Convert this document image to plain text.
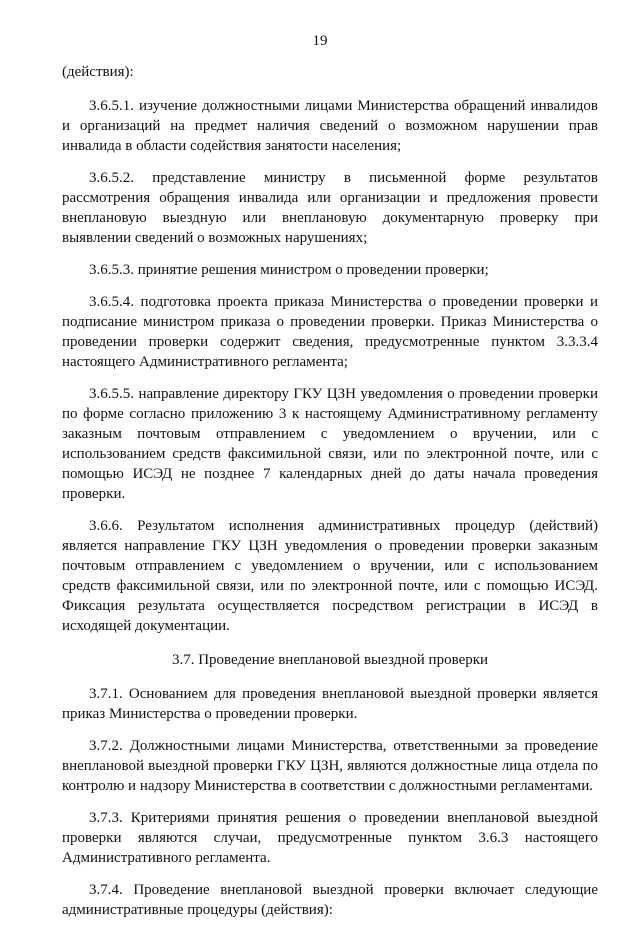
19

(действия):

3.6.5.1. изучение должностными лицами Министерства обращений инвалидов и организаций на предмет наличия сведений о возможном нарушении прав инвалида в области содействия занятости населения;

3.6.5.2. представление министру в письменной форме результатов рассмотрения обращения инвалида или организации и предложения провести внеплановую выездную или внеплановую документарную проверку при выявлении сведений о возможных нарушениях;

3.6.5.3. принятие решения министром о проведении проверки;

3.6.5.4. подготовка проекта приказа Министерства о проведении проверки и подписание министром приказа о проведении проверки. Приказ Министерства о проведении проверки содержит сведения, предусмотренные пунктом 3.3.3.4 настоящего Административного регламента;

3.6.5.5. направление директору ГКУ ЦЗН уведомления о проведении проверки по форме согласно приложению 3 к настоящему Административному регламенту заказным почтовым отправлением с уведомлением о вручении, или с использованием средств факсимильной связи, или по электронной почте, или с помощью ИСЭД не позднее 7 календарных дней до даты начала проведения проверки.

3.6.6. Результатом исполнения административных процедур (действий) является направление ГКУ ЦЗН уведомления о проведении проверки заказным почтовым отправлением с уведомлением о вручении, или с использованием средств факсимильной связи, или по электронной почте, или с помощью ИСЭД. Фиксация результата осуществляется посредством регистрации в ИСЭД в исходящей документации.

3.7. Проведение внеплановой выездной проверки

3.7.1. Основанием для проведения внеплановой выездной проверки является приказ Министерства о проведении проверки.

3.7.2. Должностными лицами Министерства, ответственными за проведение внеплановой выездной проверки ГКУ ЦЗН, являются должностные лица отдела по контролю и надзору Министерства в соответствии с должностными регламентами.

3.7.3. Критериями принятия решения о проведении внеплановой выездной проверки являются случаи, предусмотренные пунктом 3.6.3 настоящего Административного регламента.

3.7.4. Проведение внеплановой выездной проверки включает следующие административные процедуры (действия):
